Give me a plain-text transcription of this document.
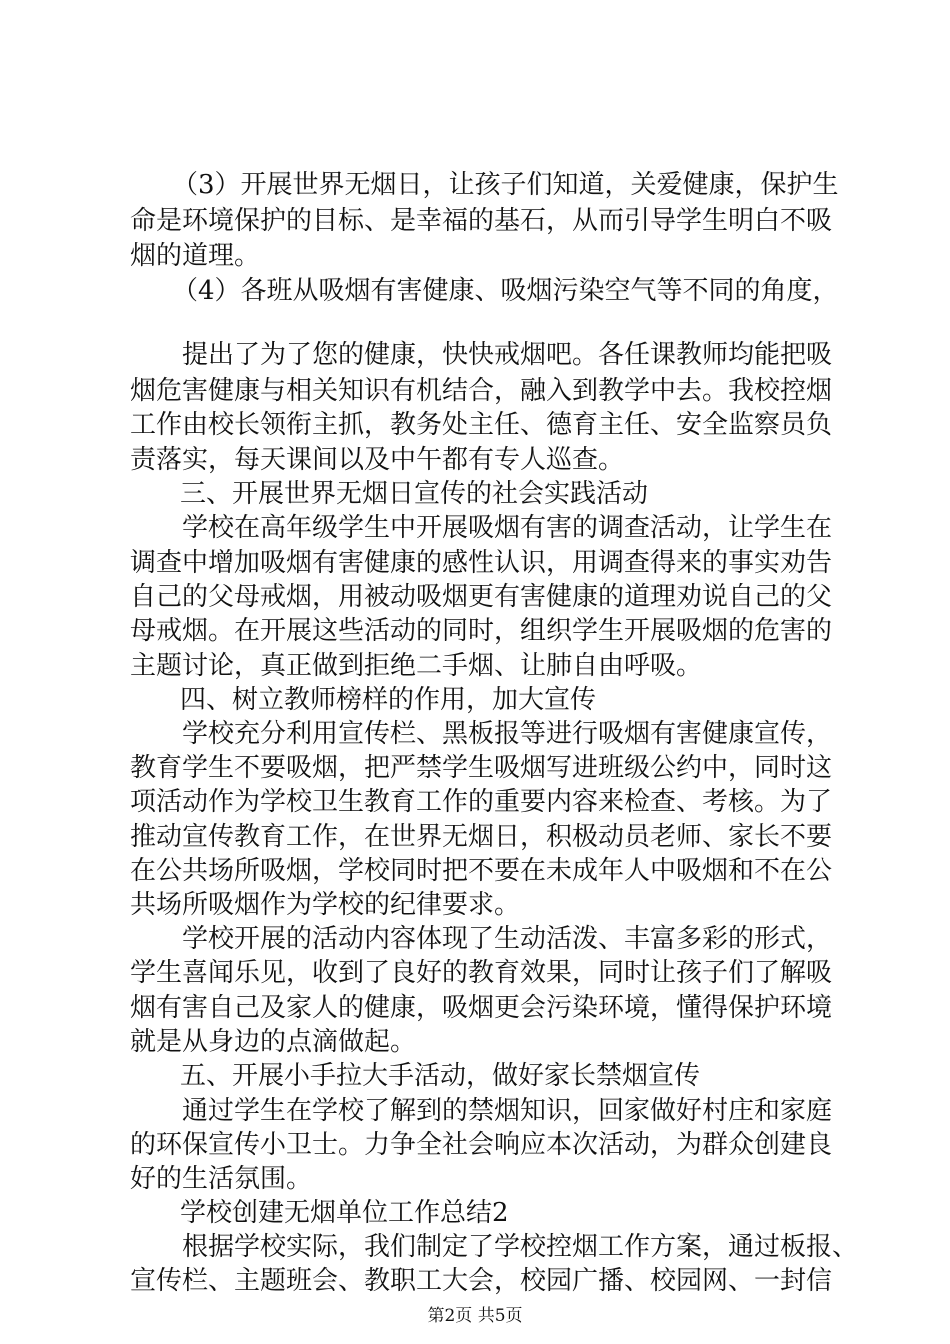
（3）开展世界无烟日，让孩子们知道，关爱健康，保护生
命是环境保护的目标、是幸福的基石，从而引导学生明白不吸
烟的道理。
（4）各班从吸烟有害健康、吸烟污染空气等不同的角度，
提出了为了您的健康，快快戒烟吧。各任课教师均能把吸
烟危害健康与相关知识有机结合，融入到教学中去。我校控烟
工作由校长领衔主抓，教务处主任、德育主任、安全监察员负
责落实，每天课间以及中午都有专人巡查。
三、开展世界无烟日宣传的社会实践活动
学校在高年级学生中开展吸烟有害的调查活动，让学生在
调查中增加吸烟有害健康的感性认识，用调查得来的事实劝告
自己的父母戒烟，用被动吸烟更有害健康的道理劝说自己的父
母戒烟。在开展这些活动的同时，组织学生开展吸烟的危害的
主题讨论，真正做到拒绝二手烟、让肺自由呼吸。
四、树立教师榜样的作用，加大宣传
学校充分利用宣传栏、黑板报等进行吸烟有害健康宣传，
教育学生不要吸烟，把严禁学生吸烟写进班级公约中，同时这
项活动作为学校卫生教育工作的重要内容来检查、考核。为了
推动宣传教育工作，在世界无烟日，积极动员老师、家长不要
在公共场所吸烟，学校同时把不要在未成年人中吸烟和不在公
共场所吸烟作为学校的纪律要求。
学校开展的活动内容体现了生动活泼、丰富多彩的形式，
学生喜闻乐见，收到了良好的教育效果，同时让孩子们了解吸
烟有害自己及家人的健康，吸烟更会污染环境，懂得保护环境
就是从身边的点滴做起。
五、开展小手拉大手活动，做好家长禁烟宣传
通过学生在学校了解到的禁烟知识，回家做好村庄和家庭
的环保宣传小卫士。力争全社会响应本次活动，为群众创建良
好的生活氛围。
学校创建无烟单位工作总结2
根据学校实际，我们制定了学校控烟工作方案，通过板报、
宣传栏、主题班会、教职工大会，校园广播、校园网、一封信
第2页 共5页
